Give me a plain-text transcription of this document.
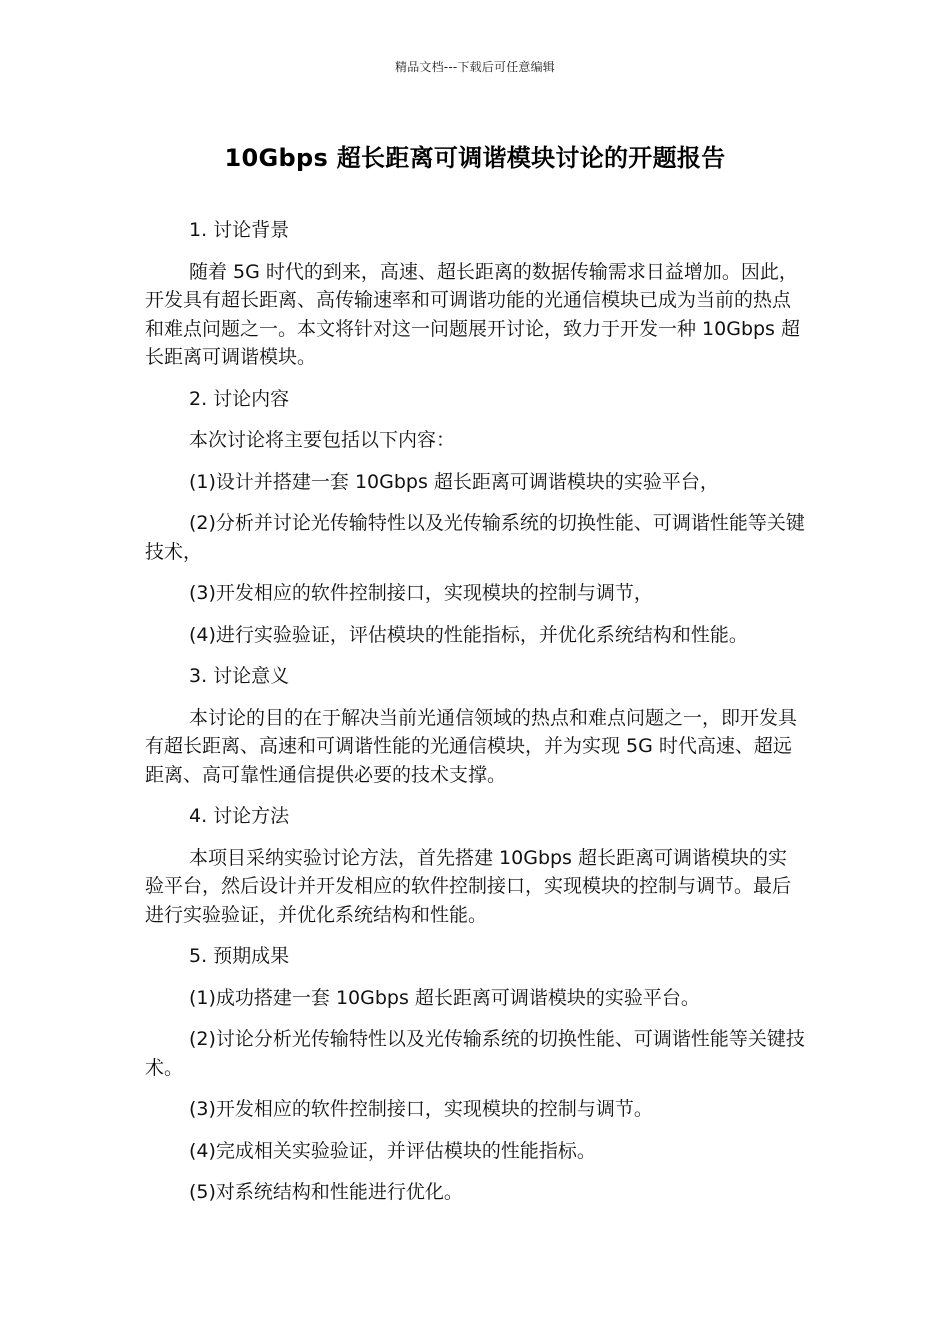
精品文档---下载后可任意编辑
10Gbps 超长距离可调谐模块讨论的开题报告
1. 讨论背景
随着 5G 时代的到来，高速、超长距离的数据传输需求日益增加。因此，开发具有超长距离、高传输速率和可调谐功能的光通信模块已成为当前的热点和难点问题之一。本文将针对这一问题展开讨论，致力于开发一种 10Gbps 超长距离可调谐模块。
2. 讨论内容
本次讨论将主要包括以下内容：
(1)设计并搭建一套 10Gbps 超长距离可调谐模块的实验平台，
(2)分析并讨论光传输特性以及光传输系统的切换性能、可调谐性能等关键技术，
(3)开发相应的软件控制接口，实现模块的控制与调节，
(4)进行实验验证，评估模块的性能指标，并优化系统结构和性能。
3. 讨论意义
本讨论的目的在于解决当前光通信领域的热点和难点问题之一，即开发具有超长距离、高速和可调谐性能的光通信模块，并为实现 5G 时代高速、超远距离、高可靠性通信提供必要的技术支撑。
4. 讨论方法
本项目采纳实验讨论方法，首先搭建 10Gbps 超长距离可调谐模块的实验平台，然后设计并开发相应的软件控制接口，实现模块的控制与调节。最后进行实验验证，并优化系统结构和性能。
5. 预期成果
(1)成功搭建一套 10Gbps 超长距离可调谐模块的实验平台。
(2)讨论分析光传输特性以及光传输系统的切换性能、可调谐性能等关键技术。
(3)开发相应的软件控制接口，实现模块的控制与调节。
(4)完成相关实验验证，并评估模块的性能指标。
(5)对系统结构和性能进行优化。
